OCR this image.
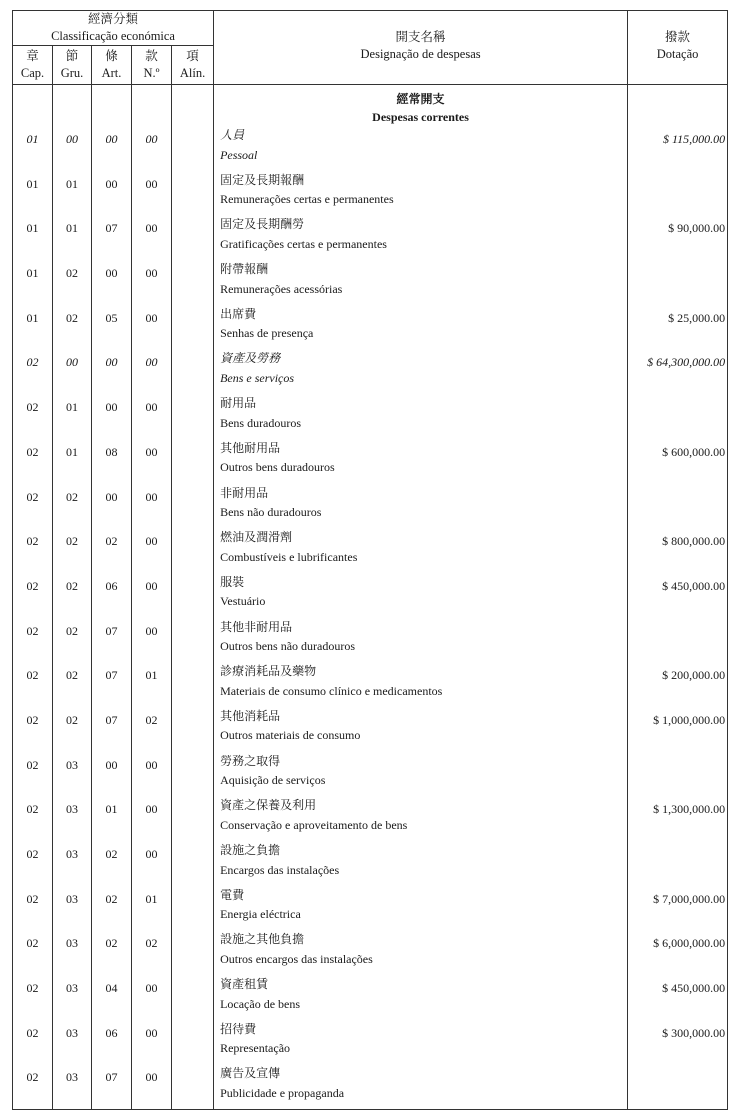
經濟分類
Classificação económica					開支名稱
Designação de despesas	撥款
Dotação

章
Cap.	節
Gru.	條
Art.	款
N.º	項
Alín.		

					經常開支
Despesas correntes	

01	00	00	00		人員
Pessoal	$ 115,000.00
01	01	00	00		固定及長期報酬
Remunerações certas e permanentes	

01	01	07	00		固定及長期酬勞
Gratificações certas e permanentes	$ 90,000.00
01	02	00	00		附帶報酬
Remunerações acessórias	

01	02	05	00		出席費
Senhas de presença	$ 25,000.00
02	00	00	00		資產及勞務
Bens e serviços	$ 64,300,000.00
02	01	00	00		耐用品
Bens duradouros	

02	01	08	00		其他耐用品
Outros bens duradouros	$ 600,000.00
02	02	00	00		非耐用品
Bens não duradouros	

02	02	02	00		燃油及潤滑劑
Combustíveis e lubrificantes	$ 800,000.00
02	02	06	00		服裝
Vestuário	$ 450,000.00
02	02	07	00		其他非耐用品
Outros bens não duradouros	

02	02	07	01		診療消耗品及藥物
Materiais de consumo clínico e medicamentos	$ 200,000.00
02	02	07	02		其他消耗品
Outros materiais de consumo	$ 1,000,000.00
02	03	00	00		勞務之取得
Aquisição de serviços	

02	03	01	00		資產之保養及利用
Conservação e aproveitamento de bens	$ 1,300,000.00
02	03	02	00		設施之負擔
Encargos das instalações	

02	03	02	01		電費
Energia eléctrica	$ 7,000,000.00
02	03	02	02		設施之其他負擔
Outros encargos das instalações	$ 6,000,000.00
02	03	04	00		資產租賃
Locação de bens	$ 450,000.00
02	03	06	00		招待費
Representação	$ 300,000.00
02	03	07	00		廣告及宣傳
Publicidade e propaganda	
